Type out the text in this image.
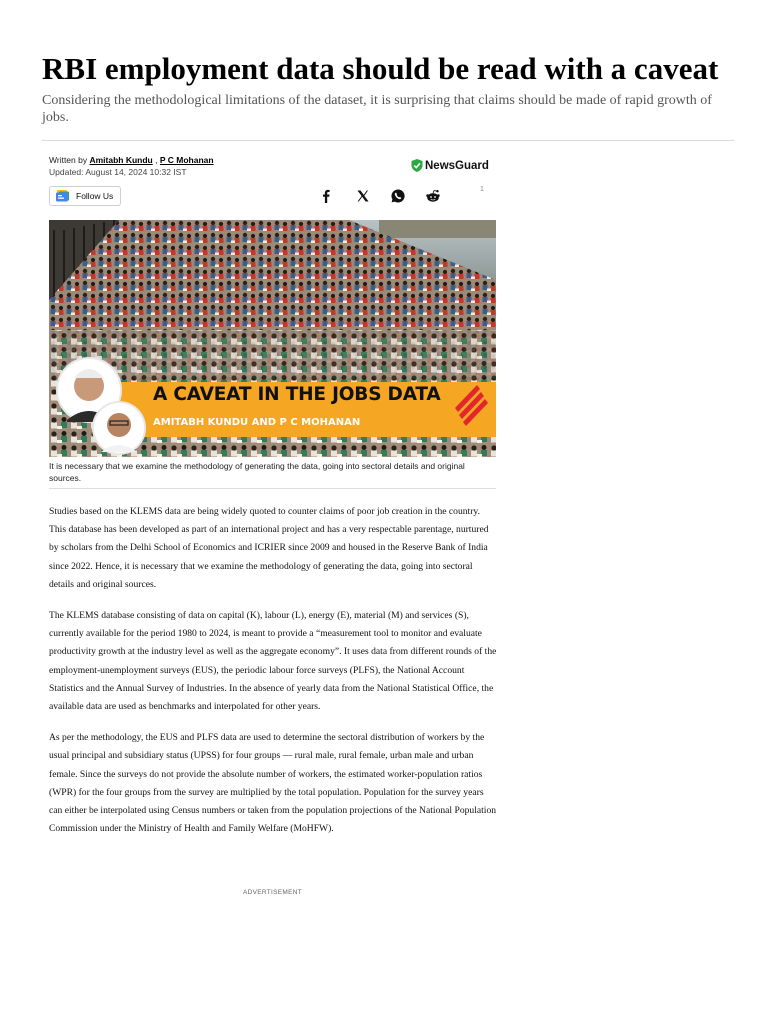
RBI employment data should be read with a caveat

Considering the methodological limitations of the dataset, it is surprising that claims should be made of rapid growth of jobs.

Written by Amitabh Kundu , P C Mohanan
Updated: August 14, 2024 10:32 IST
NewsGuard
Follow Us
1
A CAVEAT IN THE JOBS DATA
AMITABH KUNDU AND P C MOHANAN
It is necessary that we examine the methodology of generating the data, going into sectoral details and original sources.

Studies based on the KLEMS data are being widely quoted to counter claims of poor job creation in the country. This database has been developed as part of an international project and has a very respectable parentage, nurtured by scholars from the Delhi School of Economics and ICRIER since 2009 and housed in the Reserve Bank of India since 2022. Hence, it is necessary that we examine the methodology of generating the data, going into sectoral details and original sources.

The KLEMS database consisting of data on capital (K), labour (L), energy (E), material (M) and services (S), currently available for the period 1980 to 2024, is meant to provide a “measurement tool to monitor and evaluate productivity growth at the industry level as well as the aggregate economy”. It uses data from different rounds of the employment-unemployment surveys (EUS), the periodic labour force surveys (PLFS), the National Account Statistics and the Annual Survey of Industries. In the absence of yearly data from the National Statistical Office, the available data are used as benchmarks and interpolated for other years.

As per the methodology, the EUS and PLFS data are used to determine the sectoral distribution of workers by the usual principal and subsidiary status (UPSS) for four groups — rural male, rural female, urban male and urban female. Since the surveys do not provide the absolute number of workers, the estimated worker-population ratios (WPR) for the four groups from the survey are multiplied by the total population. Population for the survey years can either be interpolated using Census numbers or taken from the population projections of the National Population Commission under the Ministry of Health and Family Welfare (MoHFW).

ADVERTISEMENT
